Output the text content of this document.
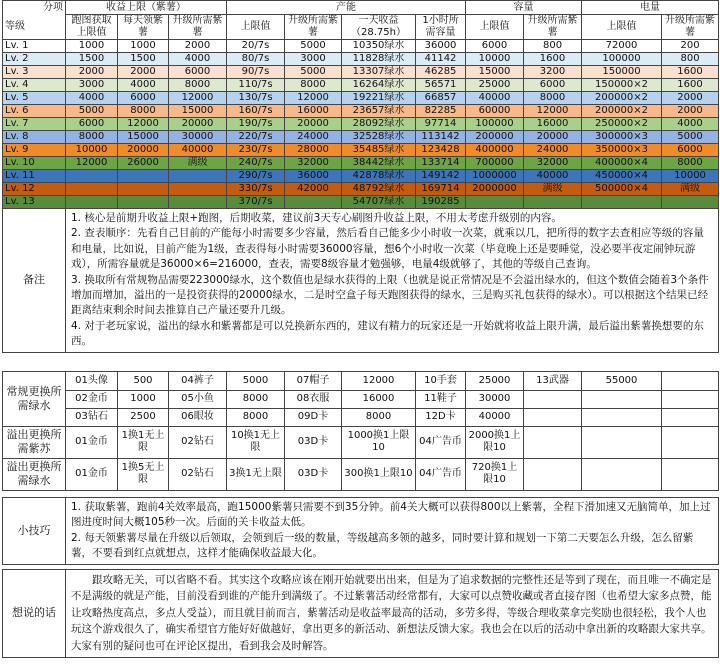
分项	收益上限（紫薯）			产能				容量		电量	
等级	跑图获取上限值	每天领紫薯	升级所需紫薯	上限值	升级所需紫薯	一天收益（28.75h）	1小时所需容量	上限值	升级所需紫薯	上限值	升级所需紫薯
Lv. 1	1000	1000	2000	20/7s	5000	10350绿水	36000	6000	800	72000	200
Lv. 2	1500	1500	4000	80/7s	3000	11828绿水	41142	10000	1600	100000	800
Lv. 3	2000	2000	6000	90/7s	5000	13307绿水	46285	15000	3200	150000	1600
Lv. 4	3000	4000	8000	110/7s	8000	16264绿水	56571	25000	6000	150000×2	1600
Lv. 5	4000	6000	12000	130/7s	12000	19221绿水	66857	40000	8000	200000×2	2000
Lv. 6	5000	8000	15000	160/7s	16000	23657绿水	82285	60000	12000	200000×2	2000
Lv. 7	6000	12000	20000	190/7s	20000	28092绿水	97714	100000	16000	250000×2	4000
Lv. 8	8000	15000	30000	220/7s	24000	32528绿水	113142	200000	20000	300000×3	5000
Lv. 9	10000	20000	40000	230/7s	28000	35485绿水	123428	400000	24000	350000×3	6000
Lv. 10	12000	26000	满级	240/7s	32000	38442绿水	133714	700000	32000	400000×4	8000
Lv. 11				290/7s	36000	42878绿水	149142	1000000	40000	450000×4	10000
Lv. 12				330/7s	42000	48792绿水	169714	2000000	满级	500000×4	满级
Lv. 13				370/7s		54707绿水	190285				
备注	
1. 核心是前期升收益上限+跑图，后期收菜，建议前3天专心刷图升收益上限，不用太考虑升级别的内容。
2. 查表顺序：先看自己目前的产能每小时需要多少容量，然后看自己能多少小时收一次菜，就乘以几，把所得的数字去查相应等级的容量和电量，比如说，目前产能为1级，查表得每小时需要36000容量，想6个小时收一次菜（毕竟晚上还是要睡觉，没必要半夜定闹钟玩游戏），所需容量就是36000×6=216000，查表，需要8级容量才勉强够，电量4级就够了，其他的等级自己查询。
3. 换取所有常规物品需要223000绿水，这个数值也是绿水获得的上限（也就是说正常情况是不会溢出绿水的，但这个数值会随着3个条件增加而增加，溢出的一是投资获得的20000绿水，二是时空盒子每天跑图获得的绿水，三是购买礼包获得的绿水）。可以根据这个结果已经距离结束剩余时间去推算自己产量还要升几级。
4. 对于老玩家说，溢出的绿水和紫薯都是可以兑换新东西的，建议有精力的玩家还是一开始就将收益上限升满，最后溢出紫薯换想要的东西。
常规更换所需绿水	01头像	500	04裤子	5000	07帽子	12000	10手套	25000	13武器	55000	
	02金币	1000	05小鱼	8000	08衣服	16000	11鞋子	30000			
	03钻石	2500	06眼妆	8000	09D卡	8000	12D卡	40000			
溢出更换所需紫苏	01金币	1换1无上限	02钻石	10换1无上限	03D卡	1000换1上限10	04广告币	2000换1上限10			
溢出更换所需绿水	01金币	1换5无上限	02钻石	3换1无上限	03D卡	300换1上限10	04广告币	720换1上限10			
小技巧	
1. 获取紫薯，跑前4关效率最高，跑15000紫薯只需要不到35分钟。前4关大概可以获得800以上紫薯，全程下滑加速又无脑简单，加上过图进度时间大概105秒一次。后面的关卡收益太低。
2. 每天领紫薯尽量在升级以后领取，会领到后一级的数量，等级越高多领的越多，同时要计算和规划一下第二天要怎么升级，怎么留紫薯，不要看到红点就想点，这样才能确保收益最大化。
想说的话	
跟攻略无关，可以省略不看。其实这个攻略应该在刚开始就要出出来，但是为了追求数据的完整性还是等到了现在，而且唯一不确定是不是满级的就是产能，目前没看到谁的产能升到满级了。不过紫薯活动经常都有，大家可以点赞收藏或者直接存图（也希望大家多点赞，能让攻略热度高点，多点人受益），而且就目前而言，紫薯活动是收益率最高的活动，多劳多得，等级合理收菜拿完奖励也很轻松，我个人也玩这个游戏很久了，确实希望官方能好好做越好，拿出更多的新活动、新想法反馈大家。我也会在以后的活动中拿出新的攻略跟大家共享。大家有别的疑问也可在评论区提出，看到我会及时解答。
